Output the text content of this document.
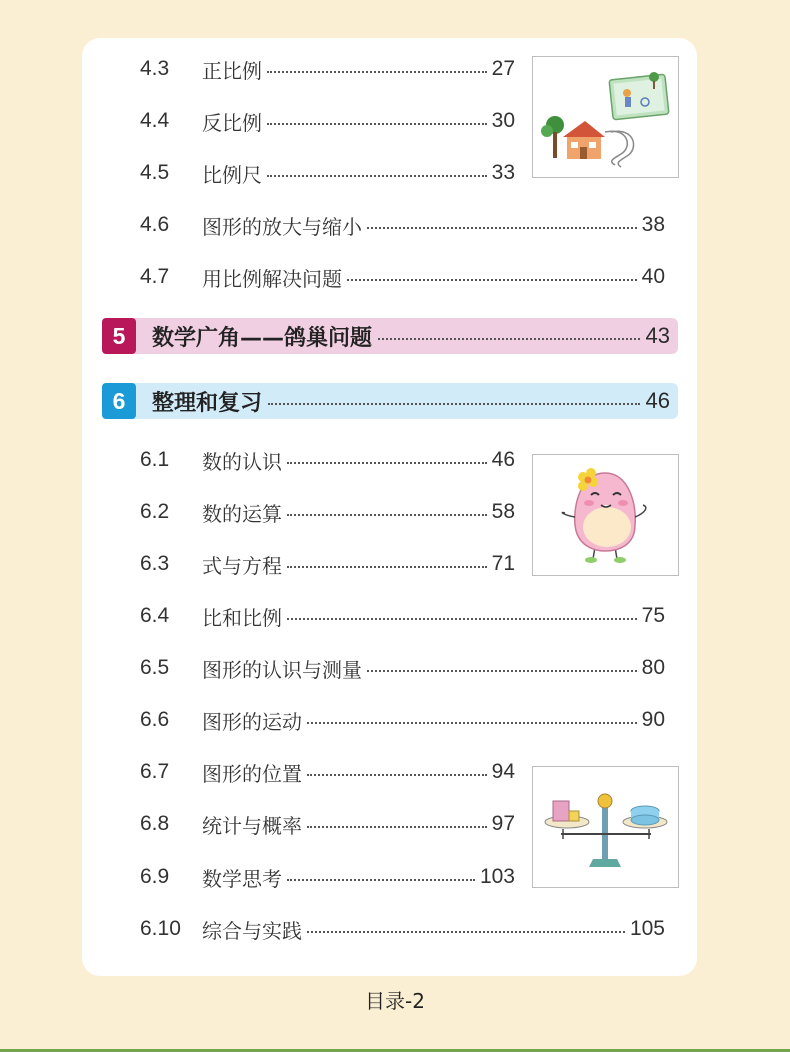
4.3	正比例	27
4.4	反比例	30
4.5	比例尺	33
4.6	图形的放大与缩小	38
4.7	用比例解决问题	40
5	数学广角——鸽巢问题	43
6	整理和复习	46
6.1	数的认识	46
6.2	数的运算	58
6.3	式与方程	71
6.4	比和比例	75
6.5	图形的认识与测量	80
6.6	图形的运动	90
6.7	图形的位置	94
6.8	统计与概率	97
6.9	数学思考	103
6.10	综合与实践	105
目录-2
